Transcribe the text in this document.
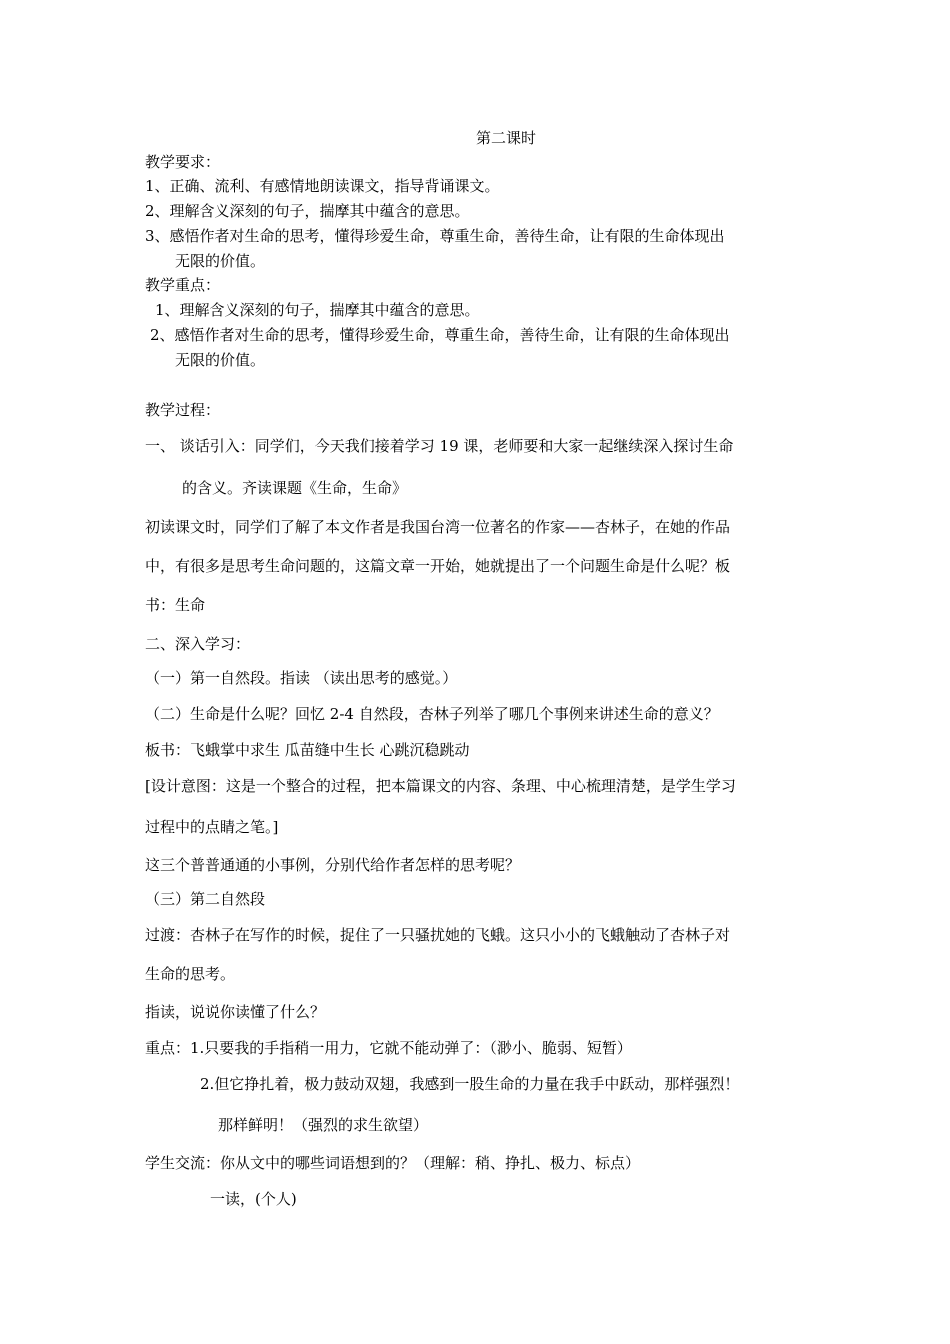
第二课时
教学要求：
1、正确、流利、有感情地朗读课文，指导背诵课文。
2、理解含义深刻的句子，揣摩其中蕴含的意思。
3、感悟作者对生命的思考，懂得珍爱生命，尊重生命，善待生命，让有限的生命体现出
无限的价值。
教学重点：
1、理解含义深刻的句子，揣摩其中蕴含的意思。
2、感悟作者对生命的思考，懂得珍爱生命，尊重生命，善待生命，让有限的生命体现出
无限的价值。
教学过程：
一、 谈话引入：同学们，今天我们接着学习 19 课，老师要和大家一起继续深入探讨生命
的含义。齐读课题《生命，生命》
初读课文时，同学们了解了本文作者是我国台湾一位著名的作家——杏林子，在她的作品
中，有很多是思考生命问题的，这篇文章一开始，她就提出了一个问题生命是什么呢？板
书：生命
二、深入学习：
（一）第一自然段。指读 （读出思考的感觉。）
（二）生命是什么呢？回忆 2-4 自然段，杏林子列举了哪几个事例来讲述生命的意义？
板书：飞蛾掌中求生 瓜苗缝中生长 心跳沉稳跳动
[设计意图：这是一个整合的过程，把本篇课文的内容、条理、中心梳理清楚，是学生学习
过程中的点睛之笔。]
这三个普普通通的小事例，分别代给作者怎样的思考呢？
（三）第二自然段
过渡：杏林子在写作的时候，捉住了一只骚扰她的飞蛾。这只小小的飞蛾触动了杏林子对
生命的思考。
指读，说说你读懂了什么？
重点：1.只要我的手指稍一用力，它就不能动弹了：（渺小、脆弱、短暂）
2.但它挣扎着，极力鼓动双翅，我感到一股生命的力量在我手中跃动，那样强烈！
那样鲜明！（强烈的求生欲望）
学生交流：你从文中的哪些词语想到的？（理解：稍、挣扎、极力、标点）
一读，(个人)
